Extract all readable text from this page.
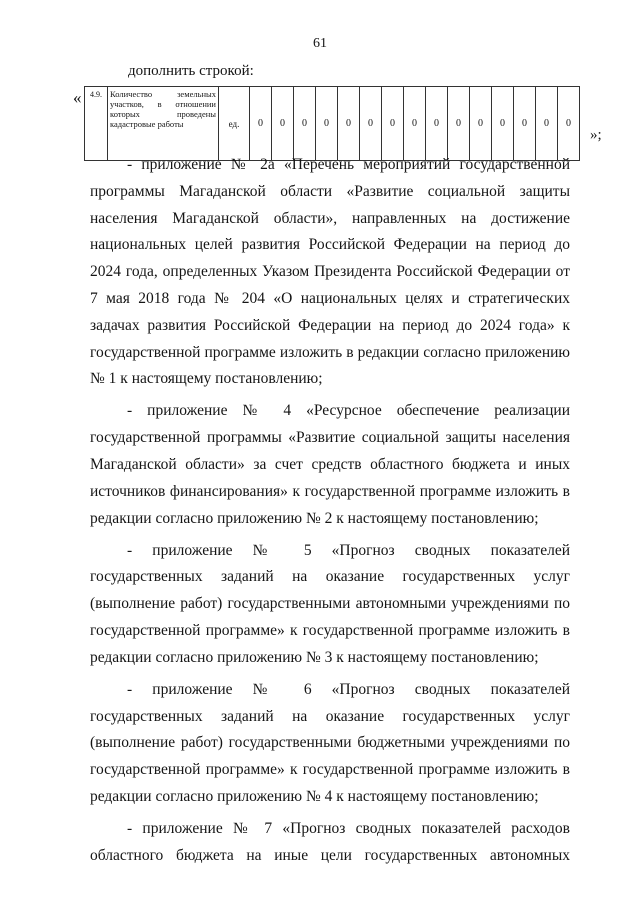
61
дополнить строкой:
« 4.9.	Количество земельных участков, в отношении которых проведены кадастровые работы	ед.	0	0	0	0	0	0	0	0	0	0	0	0	0	0	0
»;

- приложение № 2а «Перечень мероприятий государственной программы Магаданской области «Развитие социальной защиты населения Магаданской области», направленных на достижение национальных целей развития Российской Федерации на период до 2024 года, определенных Указом Президента Российской Федерации от 7 мая 2018 года № 204 «О национальных целях и стратегических задачах развития Российской Федерации на период до 2024 года» к государственной программе изложить в редакции согласно приложению № 1 к настоящему постановлению;

- приложение № 4 «Ресурсное обеспечение реализации государственной программы «Развитие социальной защиты населения Магаданской области» за счет средств областного бюджета и иных источников финансирования» к государственной программе изложить в редакции согласно приложению № 2 к настоящему постановлению;

- приложение № 5 «Прогноз сводных показателей государственных заданий на оказание государственных услуг (выполнение работ) государственными автономными учреждениями по государственной программе» к государственной программе изложить в редакции согласно приложению № 3 к настоящему постановлению;

- приложение № 6 «Прогноз сводных показателей государственных заданий на оказание государственных услуг (выполнение работ) государственными бюджетными учреждениями по государственной программе» к государственной программе изложить в редакции согласно приложению № 4 к настоящему постановлению;

- приложение № 7 «Прогноз сводных показателей расходов областного бюджета на иные цели государственных автономных
